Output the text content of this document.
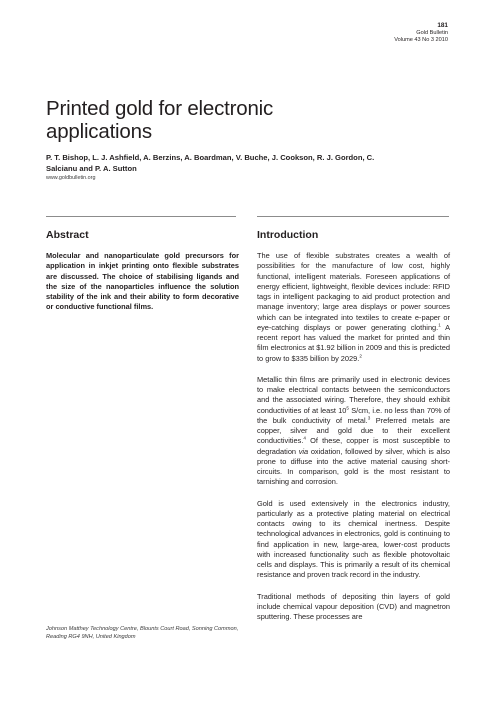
181
Gold Bulletin
Volume 43 No 3 2010
Printed gold for electronic applications
P. T. Bishop, L. J. Ashfield, A. Berzins, A. Boardman, V. Buche, J. Cookson, R. J. Gordon, C. Salcianu and P. A. Sutton
www.goldbulletin.org
Abstract	Introduction

Molecular and nanoparticulate gold precursors for application in inkjet printing onto flexible substrates are discussed. The choice of stabilising ligands and the size of the nanoparticles influence the solution stability of the ink and their ability to form decorative or conductive functional films.

Johnson Matthey Technology Centre, Blounts Court Road, Sonning Common, Reading RG4 9NH, United Kingdom

The use of flexible substrates creates a wealth of possibilities for the manufacture of low cost, highly functional, intelligent materials. Foreseen applications of energy efficient, lightweight, flexible devices include: RFID tags in intelligent packaging to aid product protection and manage inventory; large area displays or power sources which can be integrated into textiles to create e-paper or eye-catching displays or power generating clothing.$^1$ A recent report has valued the market for printed and thin film electronics at $1.92 billion in 2009 and this is predicted to grow to $335 billion by 2029.$^2$

Metallic thin films are primarily used in electronic devices to make electrical contacts between the semiconductors and the associated wiring. Therefore, they should exhibit conductivities of at least $10^5$ S/cm, i.e. no less than 70% of the bulk conductivity of metal.$^3$ Preferred metals are copper, silver and gold due to their excellent conductivities.$^4$ Of these, copper is most susceptible to degradation via oxidation, followed by silver, which is also prone to diffuse into the active material causing short-circuits. In comparison, gold is the most resistant to tarnishing and corrosion.

Gold is used extensively in the electronics industry, particularly as a protective plating material on electrical contacts owing to its chemical inertness. Despite technological advances in electronics, gold is continuing to find application in new, large-area, lower-cost products with increased functionality such as flexible photovoltaic cells and displays. This is primarily a result of its chemical resistance and proven track record in the industry.

Traditional methods of depositing thin layers of gold include chemical vapour deposition (CVD) and magnetron sputtering. These processes are
